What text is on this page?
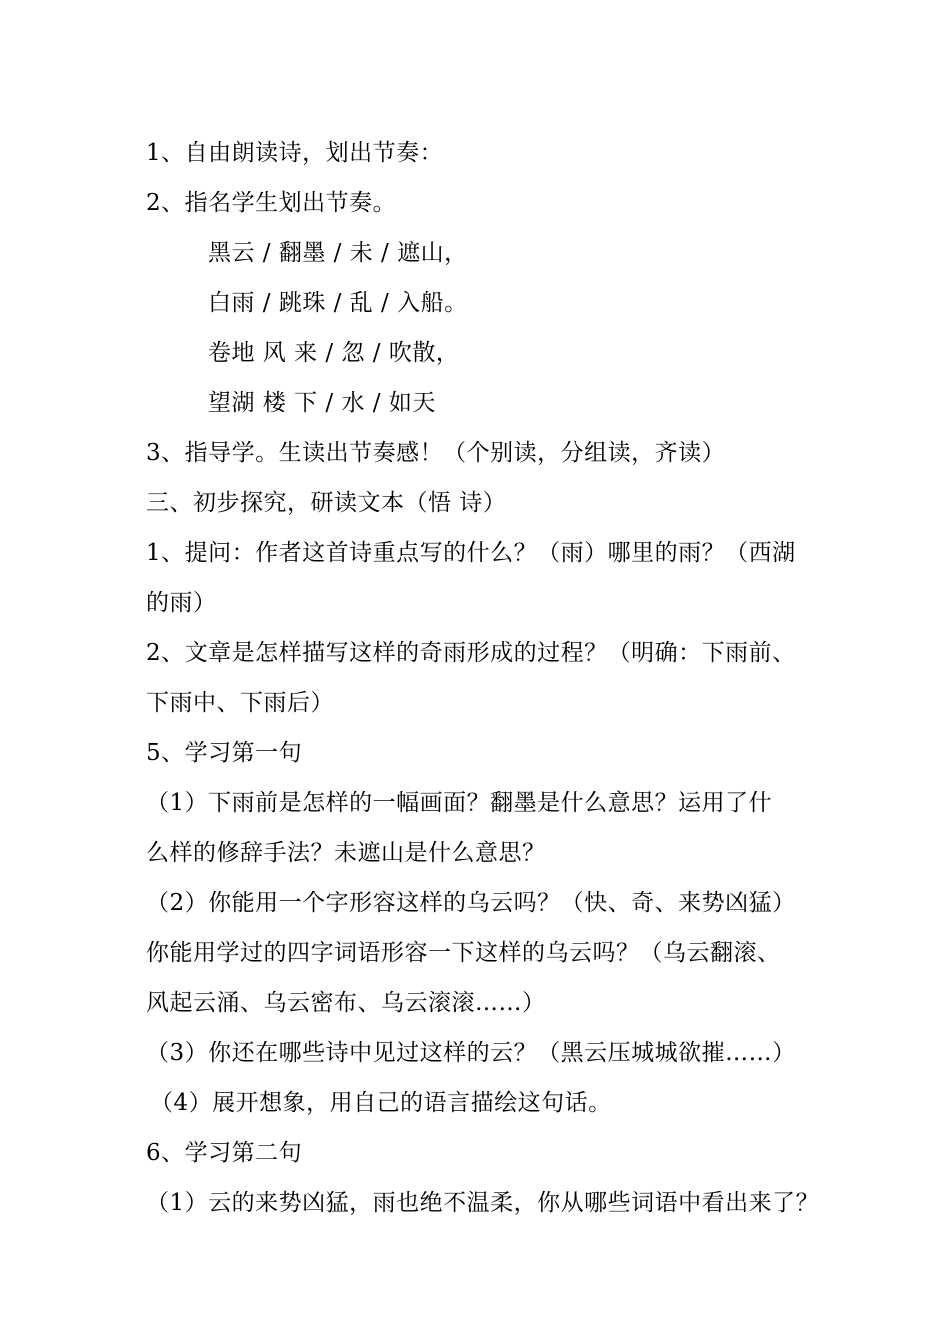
1、自由朗读诗，划出节奏：
2、指名学生划出节奏。
黑云 / 翻墨 / 未 / 遮山，
白雨 / 跳珠 / 乱 / 入船。
卷地 风 来 / 忽 / 吹散，
望湖 楼 下 / 水 / 如天
3、指导学。生读出节奏感！（个别读，分组读，齐读）
三、初步探究，研读文本（悟 诗）
1、提问：作者这首诗重点写的什么？（雨）哪里的雨？（西湖
的雨）
2、文章是怎样描写这样的奇雨形成的过程？（明确：下雨前、
下雨中、下雨后）
5、学习第一句
（1）下雨前是怎样的一幅画面？翻墨是什么意思？运用了什
么样的修辞手法？未遮山是什么意思？
（2）你能用一个字形容这样的乌云吗？（快、奇、来势凶猛）
你能用学过的四字词语形容一下这样的乌云吗？（乌云翻滚、
风起云涌、乌云密布、乌云滚滚……）
（3）你还在哪些诗中见过这样的云？（黑云压城城欲摧……）
（4）展开想象，用自己的语言描绘这句话。
6、学习第二句
（1）云的来势凶猛，雨也绝不温柔，你从哪些词语中看出来了？
